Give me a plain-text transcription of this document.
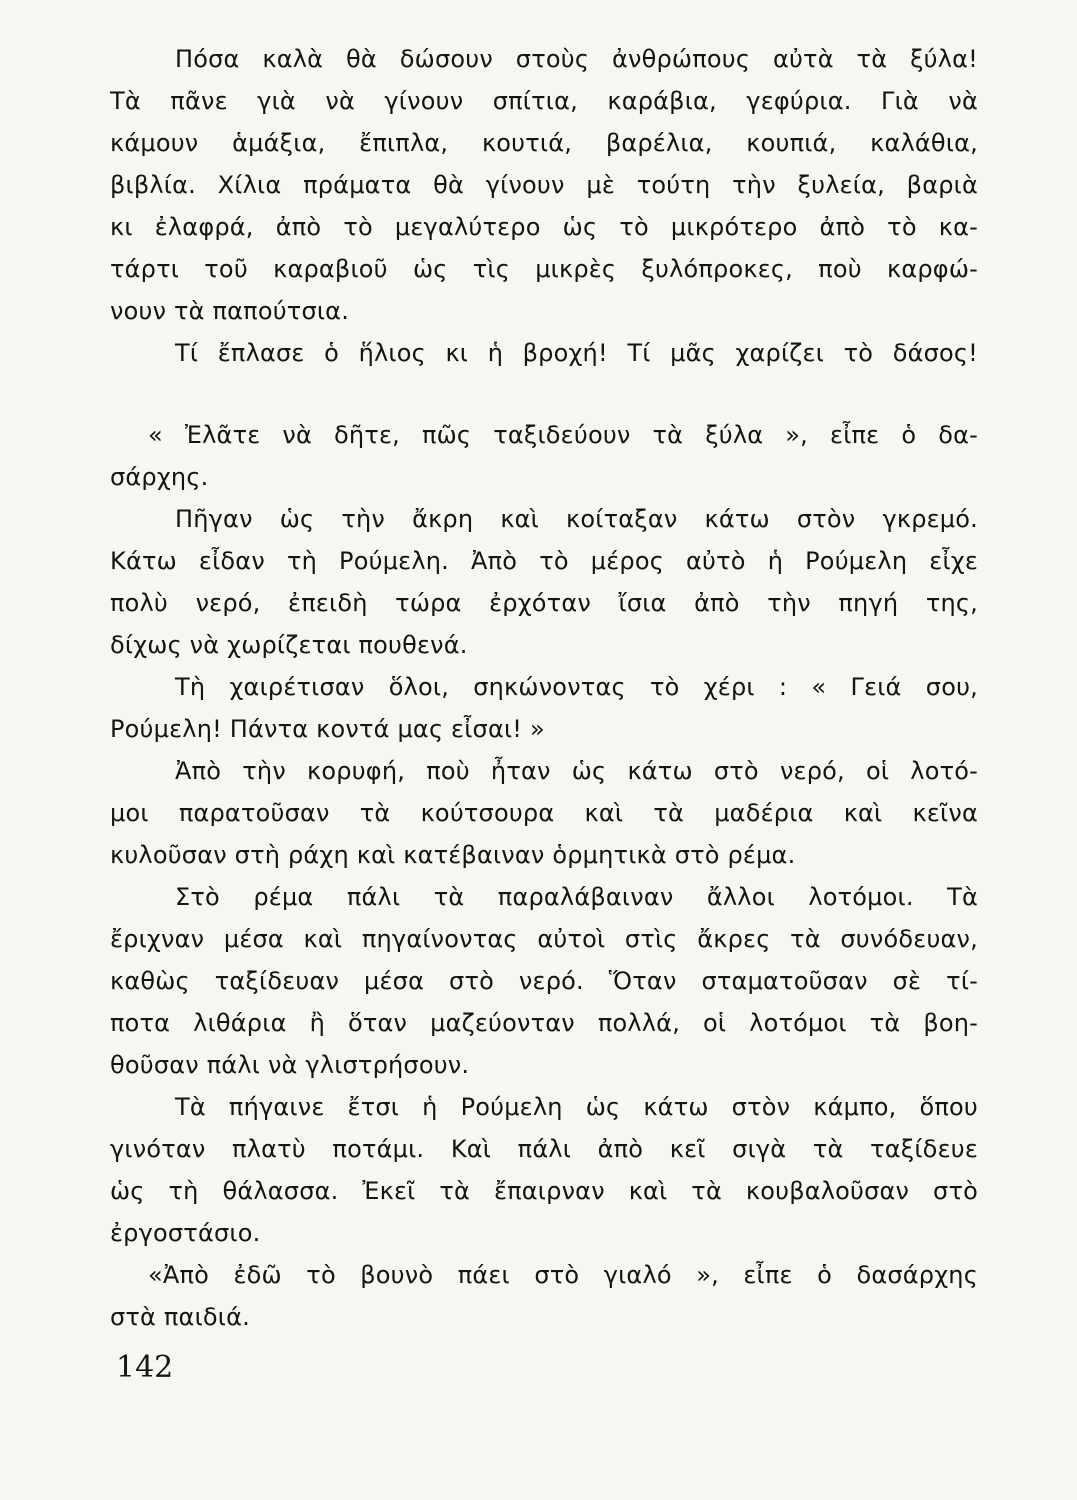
Πόσα καλὰ θὰ δώσουν στοὺς ἀνθρώπους αὐτὰ τὰ ξύλα!
Τὰ πᾶνε γιὰ νὰ γίνουν σπίτια, καράβια, γεφύρια. Γιὰ νὰ
κάμουν ἁμάξια, ἔπιπλα, κουτιά, βαρέλια, κουπιά, καλάθια,
βιβλία. Χίλια πράματα θὰ γίνουν μὲ τούτη τὴν ξυλεία, βαριὰ
κι ἐλαφρά, ἀπὸ τὸ μεγαλύτερο ὡς τὸ μικρότερο ἀπὸ τὸ κα-
τάρτι τοῦ καραβιοῦ ὡς τὶς μικρὲς ξυλόπροκες, ποὺ καρφώ-
νουν τὰ παπούτσια.
Τί ἔπλασε ὁ ἥλιος κι ἡ βροχή! Τί μᾶς χαρίζει τὸ δάσος!
« Ἐλᾶτε νὰ δῆτε, πῶς ταξιδεύουν τὰ ξύλα », εἶπε ὁ δα-
σάρχης.
Πῆγαν ὡς τὴν ἄκρη καὶ κοίταξαν κάτω στὸν γκρεμό.
Κάτω εἶδαν τὴ Ρούμελη. Ἀπὸ τὸ μέρος αὐτὸ ἡ Ρούμελη εἶχε
πολὺ νερό, ἐπειδὴ τώρα ἐρχόταν ἴσια ἀπὸ τὴν πηγή της,
δίχως νὰ χωρίζεται πουθενά.
Τὴ χαιρέτισαν ὅλοι, σηκώνοντας τὸ χέρι : « Γειά σου,
Ρούμελη! Πάντα κοντά μας εἶσαι! »
Ἀπὸ τὴν κορυφή, ποὺ ἦταν ὡς κάτω στὸ νερό, οἱ λοτό-
μοι παρατοῦσαν τὰ κούτσουρα καὶ τὰ μαδέρια καὶ κεῖνα
κυλοῦσαν στὴ ράχη καὶ κατέβαιναν ὁρμητικὰ στὸ ρέμα.
Στὸ ρέμα πάλι τὰ παραλάβαιναν ἄλλοι λοτόμοι. Τὰ
ἔριχναν μέσα καὶ πηγαίνοντας αὐτοὶ στὶς ἄκρες τὰ συνόδευαν,
καθὼς ταξίδευαν μέσα στὸ νερό. Ὅταν σταματοῦσαν σὲ τί-
ποτα λιθάρια ἢ ὅταν μαζεύονταν πολλά, οἱ λοτόμοι τὰ βοη-
θοῦσαν πάλι νὰ γλιστρήσουν.
Τὰ πήγαινε ἔτσι ἡ Ρούμελη ὡς κάτω στὸν κάμπο, ὅπου
γινόταν πλατὺ ποτάμι. Καὶ πάλι ἀπὸ κεῖ σιγὰ τὰ ταξίδευε
ὡς τὴ θάλασσα. Ἐκεῖ τὰ ἔπαιρναν καὶ τὰ κουβαλοῦσαν στὸ
ἐργοστάσιο.
«Ἀπὸ ἐδῶ τὸ βουνὸ πάει στὸ γιαλό », εἶπε ὁ δασάρχης
στὰ παιδιά.
142
